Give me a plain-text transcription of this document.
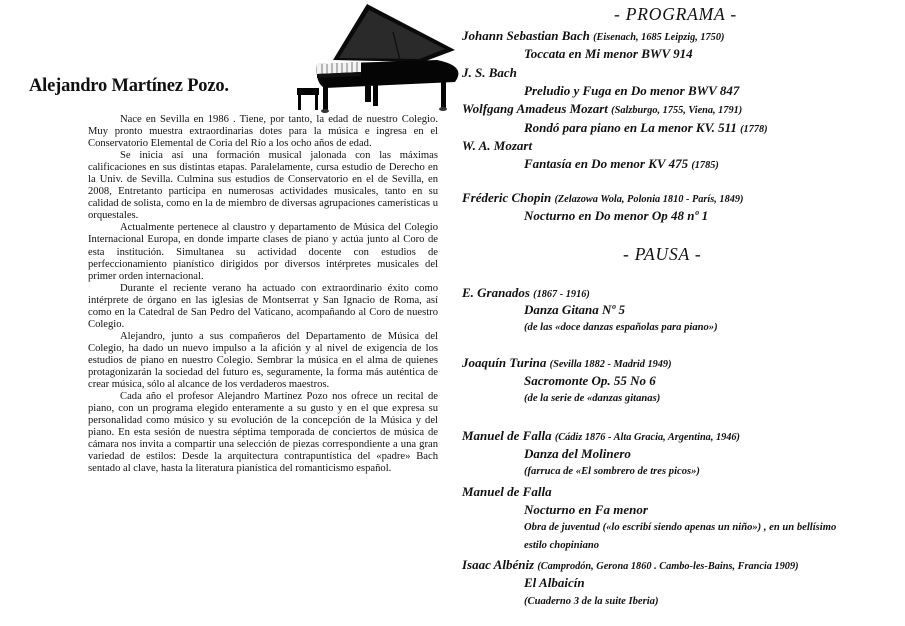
Alejandro Martínez Pozo.

Nace en Sevilla en 1986 . Tiene, por tanto, la edad de nuestro Colegio. Muy pronto muestra extraordinarias dotes para la música e ingresa en el Conservatorio Elemental de Coria del Río a los ocho años de edad.

Se inicia así una formación musical jalonada con las máximas calificaciones en sus distintas etapas. Paralelamente, cursa estudio de Derecho en la Univ. de Sevilla. Culmina sus estudios de Conservatorio en el de Sevilla, en 2008, Entretanto participa en numerosas actividades musicales, tanto en su calidad de solista, como en la de miembro de diversas agrupaciones camerísticas u orquestales.

Actualmente pertenece al claustro y departamento de Música del Colegio Internacional Europa, en donde imparte clases de piano y actúa junto al Coro de esta institución. Simultanea su actividad docente con estudios de perfeccionamiento pianístico dirigidos por diversos intérpretes musicales del primer orden internacional.

Durante el reciente verano ha actuado con extraordinario éxito como intérprete de órgano en las iglesias de Montserrat y San Ignacio de Roma, así como en la Catedral de San Pedro del Vaticano, acompañando al Coro de nuestro Colegio.

Alejandro, junto a sus compañeros del Departamento de Música del Colegio, ha dado un nuevo impulso a la afición y al nivel de exigencia de los estudios de piano en nuestro Colegio. Sembrar la música en el alma de quienes protagonizarán la sociedad del futuro es, seguramente, la forma más auténtica de crear música, sólo al alcance de los verdaderos maestros.

Cada año el profesor Alejandro Martínez Pozo nos ofrece un recital de piano, con un programa elegido enteramente a su gusto y en el que expresa su personalidad como músico y su evolución de la concepción de la Música y del piano. En esta sesión de nuestra séptima temporada de conciertos de música de cámara nos invita a compartir una selección de piezas correspondiente a una gran variedad de estilos: Desde la arquitectura contrapuntística del «padre» Bach sentado al clave, hasta la literatura pianística del romanticismo español.

- PROGRAMA -
Johann Sebastian Bach (Eisenach, 1685 Leipzig, 1750)
Toccata en Mi menor BWV 914
J. S. Bach
Preludio y Fuga en Do menor BWV 847
Wolfgang Amadeus Mozart (Salzburgo, 1755, Viena, 1791)
Rondó para piano en La menor KV. 511 (1778)
W. A. Mozart
Fantasía en Do menor KV 475 (1785)
Fréderic Chopin (Zelazowa Wola, Polonia 1810 - París, 1849)
Nocturno en Do menor Op 48 nº 1
- PAUSA -
E. Granados (1867 - 1916)
Danza Gitana Nº 5
(de las «doce danzas españolas para piano»)
Joaquín Turina (Sevilla 1882 - Madrid 1949)
Sacromonte Op. 55 No 6
(de la serie de «danzas gitanas)
Manuel de Falla (Cádiz 1876 - Alta Gracia, Argentina, 1946)
Danza del Molinero
(farruca de «El sombrero de tres picos»)
Manuel de Falla
Nocturno en Fa menor
Obra de juventud («lo escribí siendo apenas un niño») , en un bellísimo
estilo chopiniano
Isaac Albéniz (Camprodón, Gerona 1860 . Cambo-les-Bains, Francia 1909)
El Albaicín
(Cuaderno 3 de la suite Iberia)
